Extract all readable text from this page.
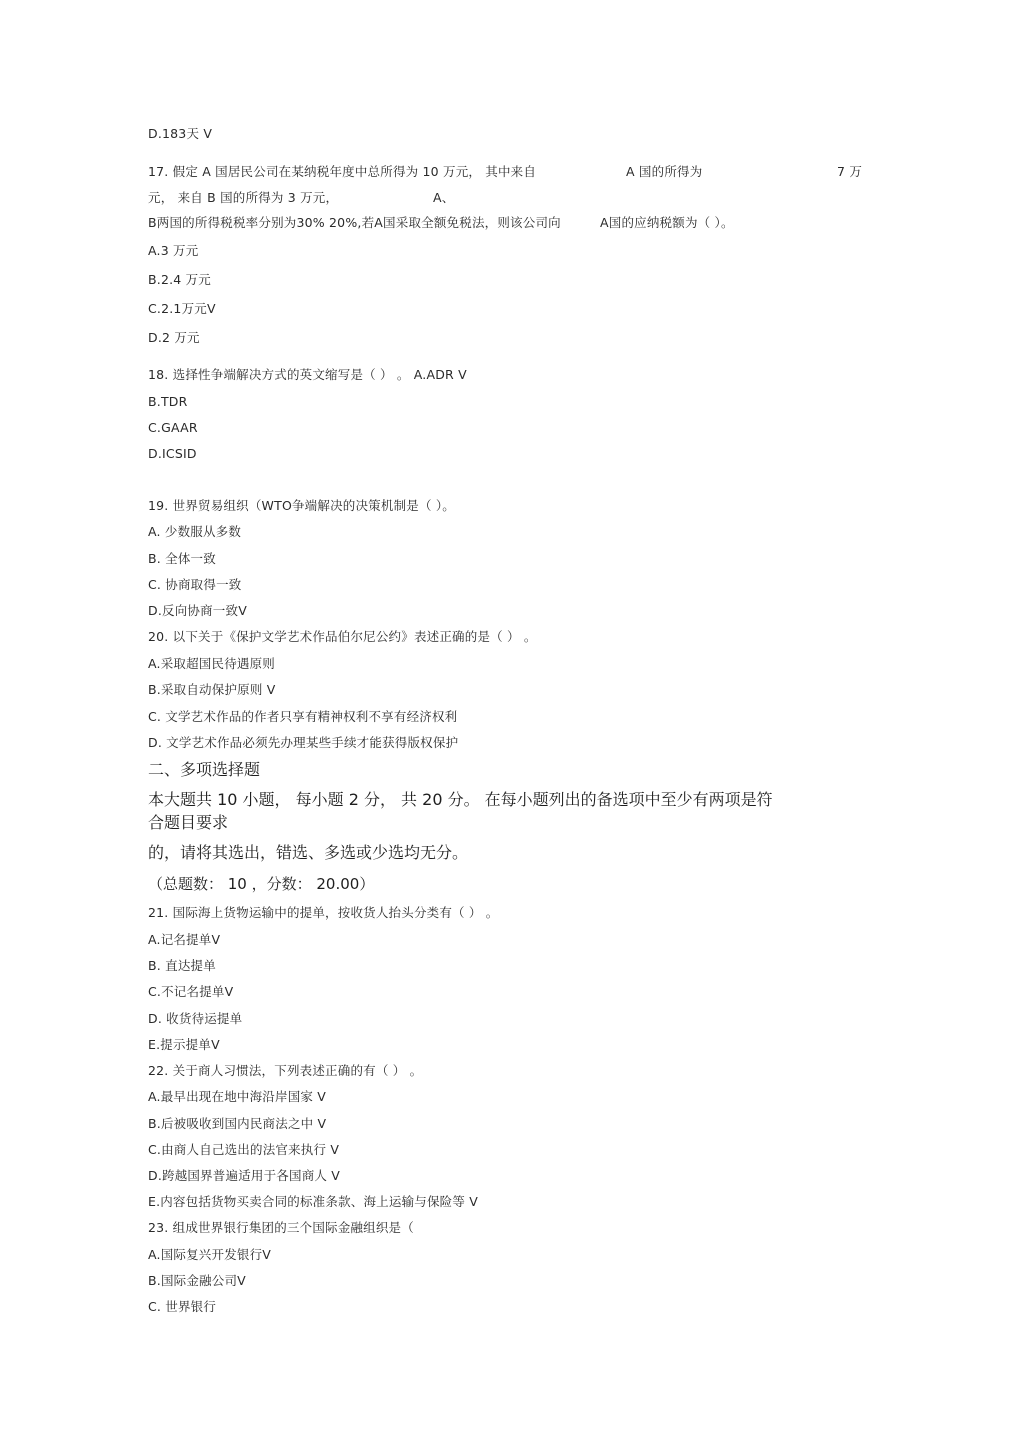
D.183天 V
17. 假定 A 国居民公司在某纳税年度中总所得为 10 万元， 其中来自	A 国的所得为	7 万
元， 来自 B 国的所得为 3 万元，	A、
B两国的所得税税率分别为30% 20%,若A国采取全额免税法，则该公司向	A国的应纳税额为（ ）。
A.3 万元
B.2.4 万元
C.2.1万元V
D.2 万元
18. 选择性争端解决方式的英文缩写是（ ） 。 A.ADR V
B.TDR
C.GAAR
D.ICSID
19. 世界贸易组织（WTO争端解决的决策机制是（ ）。
A. 少数服从多数
B. 全体一致
C. 协商取得一致
D.反向协商一致V
20. 以下关于《保护文学艺术作品伯尔尼公约》表述正确的是（ ） 。
A.采取超国民待遇原则
B.采取自动保护原则 V
C. 文学艺术作品的作者只享有精神权利不享有经济权利
D. 文学艺术作品必须先办理某些手续才能获得版权保护
二、多项选择题
本大题共 10 小题， 每小题 2 分， 共 20 分。 在每小题列出的备选项中至少有两项是符
合题目要求
的，请将其选出，错选、多选或少选均无分。
（总题数： 10 ，分数： 20.00）
21. 国际海上货物运输中的提单，按收货人抬头分类有（ ） 。
A.记名提单V
B. 直达提单
C.不记名提单V
D. 收货待运提单
E.提示提单V
22. 关于商人习惯法，下列表述正确的有（ ） 。
A.最早出现在地中海沿岸国家 V
B.后被吸收到国内民商法之中 V
C.由商人自己选出的法官来执行 V
D.跨越国界普遍适用于各国商人 V
E.内容包括货物买卖合同的标准条款、海上运输与保险等 V
23. 组成世界银行集团的三个国际金融组织是（
A.国际复兴开发银行V
B.国际金融公司V
C. 世界银行
